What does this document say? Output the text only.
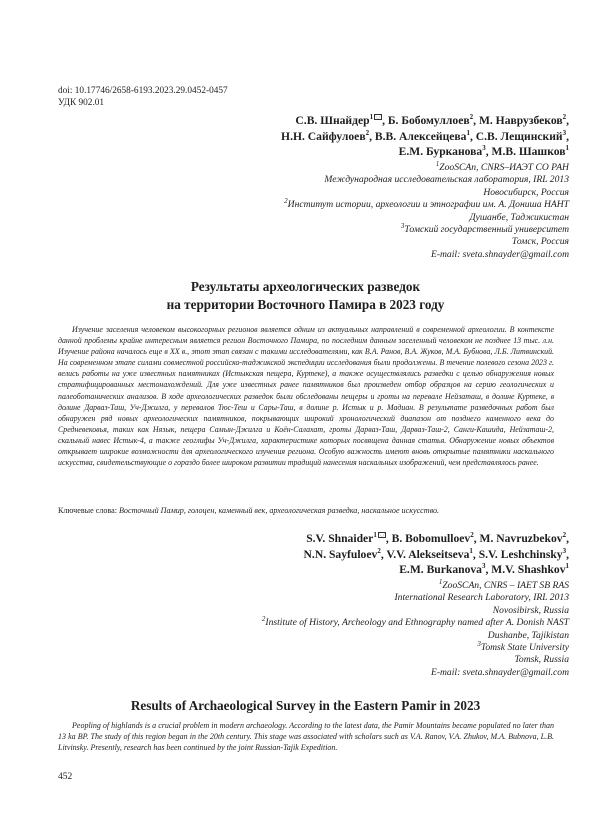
doi: 10.17746/2658-6193.2023.29.0452-0457
УДК 902.01
С.В. Шнайдер$^1$ , Б. Бобомуллоев$^2$, М. Наврузбеков$^2$,
Н.Н. Сайфулоев$^2$, В.В. Алексейцева$^1$, С.В. Лещинский$^3$,
Е.М. Бурканова$^3$, М.В. Шашков$^1$
$^1$ZooSCAn, CNRS–ИАЭТ СО РАН
Международная исследовательская лаборатория, IRL 2013
Новосибирск, Россия
$^2$Институт истории, археологии и этнографии им. А. Дониша НАНТ
Душанбе, Таджикистан
$^3$Томский государственный университет
Томск, Россия
E-mail: sveta.shnayder@gmail.com
Результаты археологических разведок
на территории Восточного Памира в 2023 году

Изучение заселения человеком высокогорных регионов является одним из актуальных направлений в современной археологии. В контексте данной проблемы крайне интересным является регион Восточного Памира, по последним данным заселенный человеком не позднее 13 тыс. л.н. Изучение района началось еще в XX в., этот этап связан с такими исследователями, как В.А. Ранов, В.А. Жуков, М.А. Бубнова, Л.Б. Литвинский. На современном этапе силами совместной российско-таджикской экспедиции исследования были продолжены. В течение полевого сезона 2023 г. велись работы на уже известных памятниках (Истыкская пещера, Куртеке), а также осуществлялись разведки с целью обнаружения новых стратифицированных местонахождений. Для уже известных ранее памятников был произведен отбор образцов на серию геологических и палеоботанических анализов. В ходе археологических разведок были обследованы пещеры и гроты на перевале Нейзаташ, в долине Куртеке, в долине Дарваз-Таш, Уч-Джилга, у перевалов Тюс-Теш и Сары-Таш, в долине р. Истык и р. Мадиан. В результате разведочных работ был обнаружен ряд новых археологических памятников, покрывающих широкий хронологический диапазон от позднего каменного века до Средневековья, таких как Нязык, пещера Самын-Джилга и Коён-Салахат, гроты Дарваз-Таш, Дарваз-Таш-2, Санги-Кашида, Нейзаташ-2, скальный навес Истык-4, а также геоглифы Уч-Джилга, характеристике которых посвящена данная статья. Обнаружение новых объектов открывает широкие возможности для археологического изучения региона. Особую важность имеют вновь открытые памятники наскального искусства, свидетельствующие о гораздо более широком развитии традиций нанесения наскальных изображений, чем представлялось ранее.

Ключевые слова: Восточный Памир, голоцен, каменный век, археологическая разведка, наскальное искусство.
S.V. Shnaider$^1$ , B. Bobomulloev$^2$, M. Navruzbekov$^2$,
N.N. Sayfuloev$^2$, V.V. Alekseitseva$^1$, S.V. Leshchinsky$^3$,
E.M. Burkanova$^3$, M.V. Shashkov$^1$
$^1$ZooSCAn, CNRS – IAET SB RAS
International Research Laboratory, IRL 2013
Novosibirsk, Russia
$^2$Institute of History, Archeology and Ethnography named after A. Donish NAST
Dushanbe, Tajikistan
$^3$Tomsk State University
Tomsk, Russia
E-mail: sveta.shnayder@gmail.com
Results of Archaeological Survey in the Eastern Pamir in 2023

Peopling of highlands is a crucial problem in modern archaeology. According to the latest data, the Pamir Mountains became populated no later than 13 ka BP. The study of this region began in the 20th century. This stage was associated with scholars such as V.A. Ranov, V.A. Zhukov, M.A. Bubnova, L.B. Litvinsky. Presently, research has been continued by the joint Russian-Tajik Expedition.

452
